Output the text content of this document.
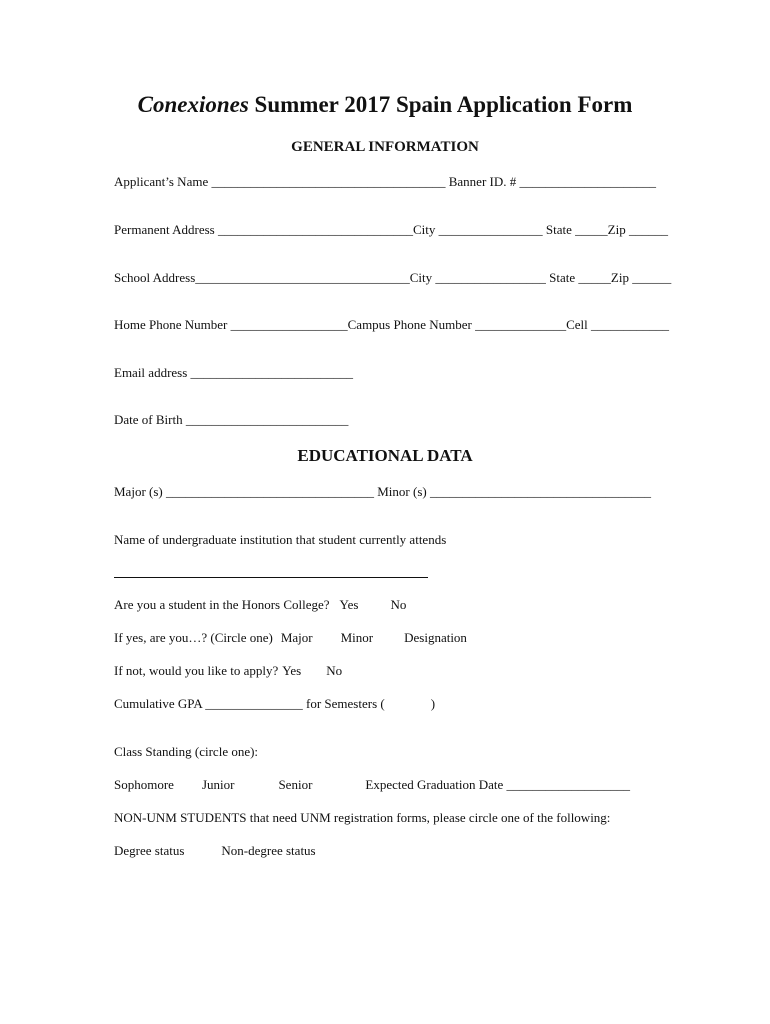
Conexiones Summer 2017 Spain Application Form
GENERAL INFORMATION
Applicant’s Name ____________________________________ Banner ID. # _____________________
Permanent Address ______________________________City ________________ State _____Zip ______
School Address_________________________________City _________________ State _____Zip ______
Home Phone Number __________________Campus Phone Number ______________Cell ____________
Email address _________________________
Date of Birth _________________________
EDUCATIONAL DATA
Major (s) ________________________________ Minor (s) __________________________________
Name of undergraduate institution that student currently attends
Are you a student in the Honors College? Yes No
If yes, are you…? (Circle one) Major Minor Designation
If not, would you like to apply? Yes No
Cumulative GPA _______________ for Semesters (	)
Class Standing (circle one):
Sophomore Junior	Senior	Expected Graduation Date ___________________
NON-UNM STUDENTS that need UNM registration forms, please circle one of the following:
Degree status	Non-degree status
